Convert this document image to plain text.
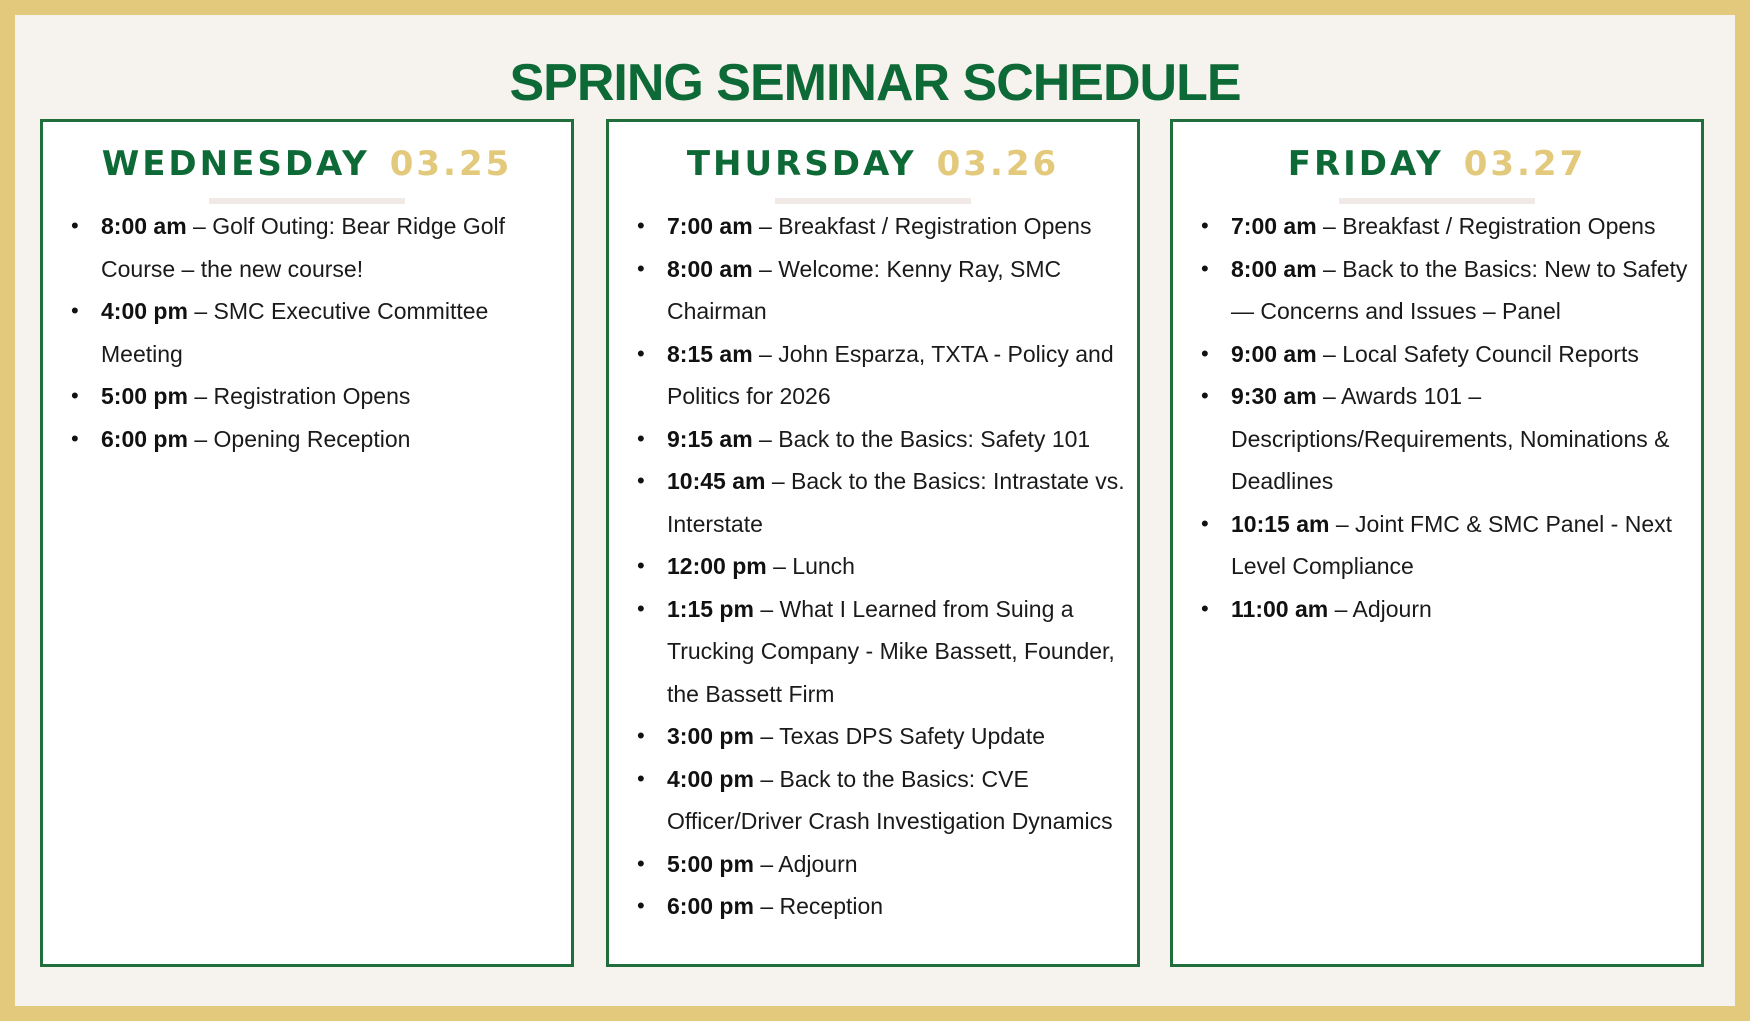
SPRING SEMINAR SCHEDULE
WEDNESDAY 03.25
• 8:00 am – Golf Outing: Bear Ridge Golf Course – the new course!
• 4:00 pm – SMC Executive Committee Meeting
• 5:00 pm – Registration Opens
• 6:00 pm – Opening Reception
THURSDAY 03.26
• 7:00 am – Breakfast / Registration Opens
• 8:00 am – Welcome: Kenny Ray, SMC Chairman
• 8:15 am – John Esparza, TXTA - Policy and Politics for 2026
• 9:15 am – Back to the Basics: Safety 101
• 10:45 am – Back to the Basics: Intrastate vs. Interstate
• 12:00 pm – Lunch
• 1:15 pm – What I Learned from Suing a Trucking Company - Mike Bassett, Founder, the Bassett Firm
• 3:00 pm – Texas DPS Safety Update
• 4:00 pm – Back to the Basics: CVE Officer/Driver Crash Investigation Dynamics
• 5:00 pm – Adjourn
• 6:00 pm – Reception
FRIDAY 03.27
• 7:00 am – Breakfast / Registration Opens
• 8:00 am – Back to the Basics: New to Safety — Concerns and Issues – Panel
• 9:00 am – Local Safety Council Reports
• 9:30 am – Awards 101 – Descriptions/Requirements, Nominations & Deadlines
• 10:15 am – Joint FMC & SMC Panel - Next Level Compliance
• 11:00 am – Adjourn
